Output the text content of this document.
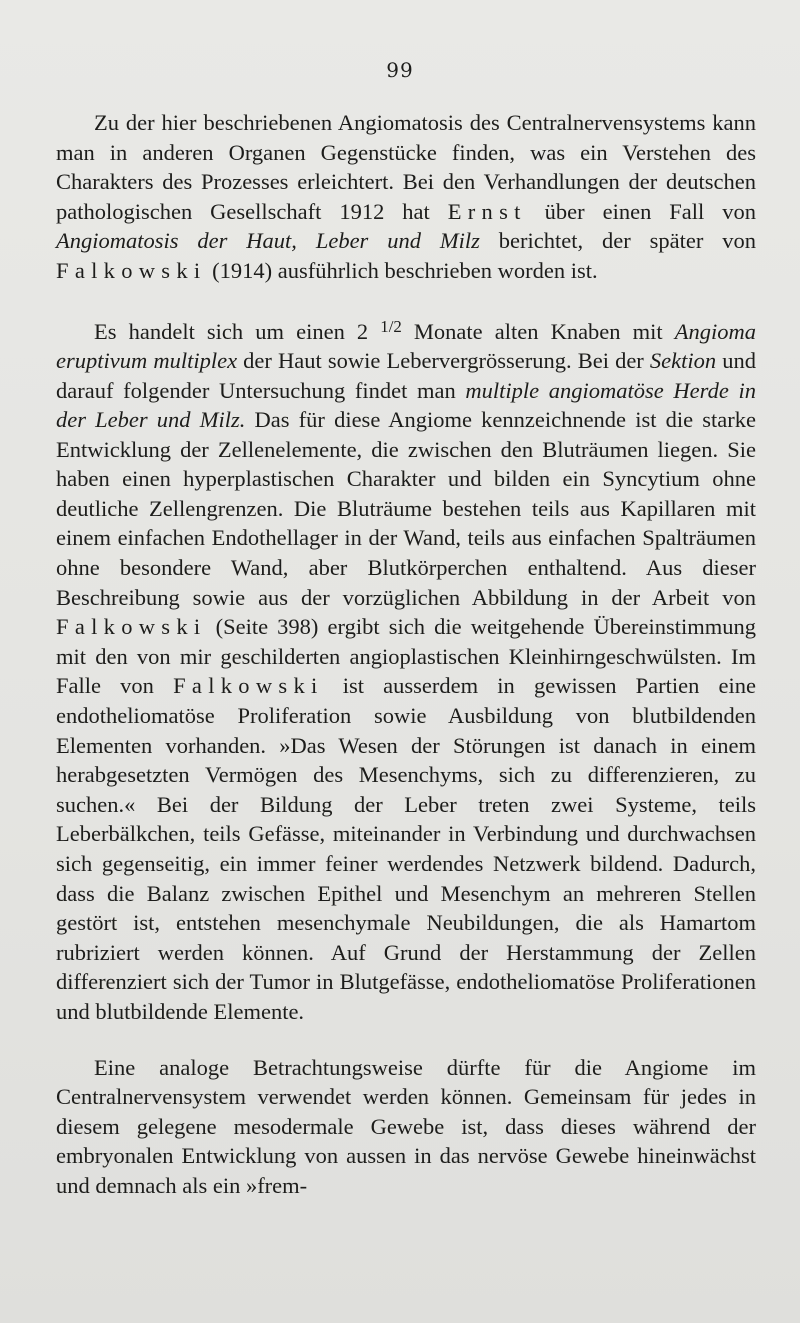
99

Zu der hier beschriebenen Angiomatosis des Centralnervensystems kann man in anderen Organen Gegenstücke finden, was ein Verstehen des Charakters des Prozesses erleichtert. Bei den Verhandlungen der deutschen pathologischen Gesellschaft 1912 hat Ernst über einen Fall von Angiomatosis der Haut, Leber und Milz berichtet, der später von Falkowski (1914) ausführlich beschrieben worden ist.

Es handelt sich um einen 2 $^{1/2}$ Monate alten Knaben mit Angioma eruptivum multiplex der Haut sowie Lebervergrösserung. Bei der Sektion und darauf folgender Untersuchung findet man multiple angiomatöse Herde in der Leber und Milz. Das für diese Angiome kennzeichnende ist die starke Entwicklung der Zellenelemente, die zwischen den Bluträumen liegen. Sie haben einen hyperplastischen Charakter und bilden ein Syncytium ohne deutliche Zellengrenzen. Die Bluträume bestehen teils aus Kapillaren mit einem einfachen Endothellager in der Wand, teils aus einfachen Spalträumen ohne besondere Wand, aber Blutkörperchen enthaltend. Aus dieser Beschreibung sowie aus der vorzüglichen Abbildung in der Arbeit von Falkowski (Seite 398) ergibt sich die weitgehende Übereinstimmung mit den von mir geschilderten angioplastischen Kleinhirngeschwülsten. Im Falle von Falkowski ist ausserdem in gewissen Partien eine endotheliomatöse Proliferation sowie Ausbildung von blutbildenden Elementen vorhanden. »Das Wesen der Störungen ist danach in einem herabgesetzten Vermögen des Mesenchyms, sich zu differenzieren, zu suchen.« Bei der Bildung der Leber treten zwei Systeme, teils Leberbälkchen, teils Gefässe, miteinander in Verbindung und durchwachsen sich gegenseitig, ein immer feiner werdendes Netzwerk bildend. Dadurch, dass die Balanz zwischen Epithel und Mesenchym an mehreren Stellen gestört ist, entstehen mesenchymale Neubildungen, die als Hamartom rubriziert werden können. Auf Grund der Herstammung der Zellen differenziert sich der Tumor in Blutgefässe, endotheliomatöse Proliferationen und blutbildende Elemente.

Eine analoge Betrachtungsweise dürfte für die Angiome im Centralnervensystem verwendet werden können. Gemeinsam für jedes in diesem gelegene mesodermale Gewebe ist, dass dieses während der embryonalen Entwicklung von aussen in das nervöse Gewebe hineinwächst und demnach als ein »frem-
